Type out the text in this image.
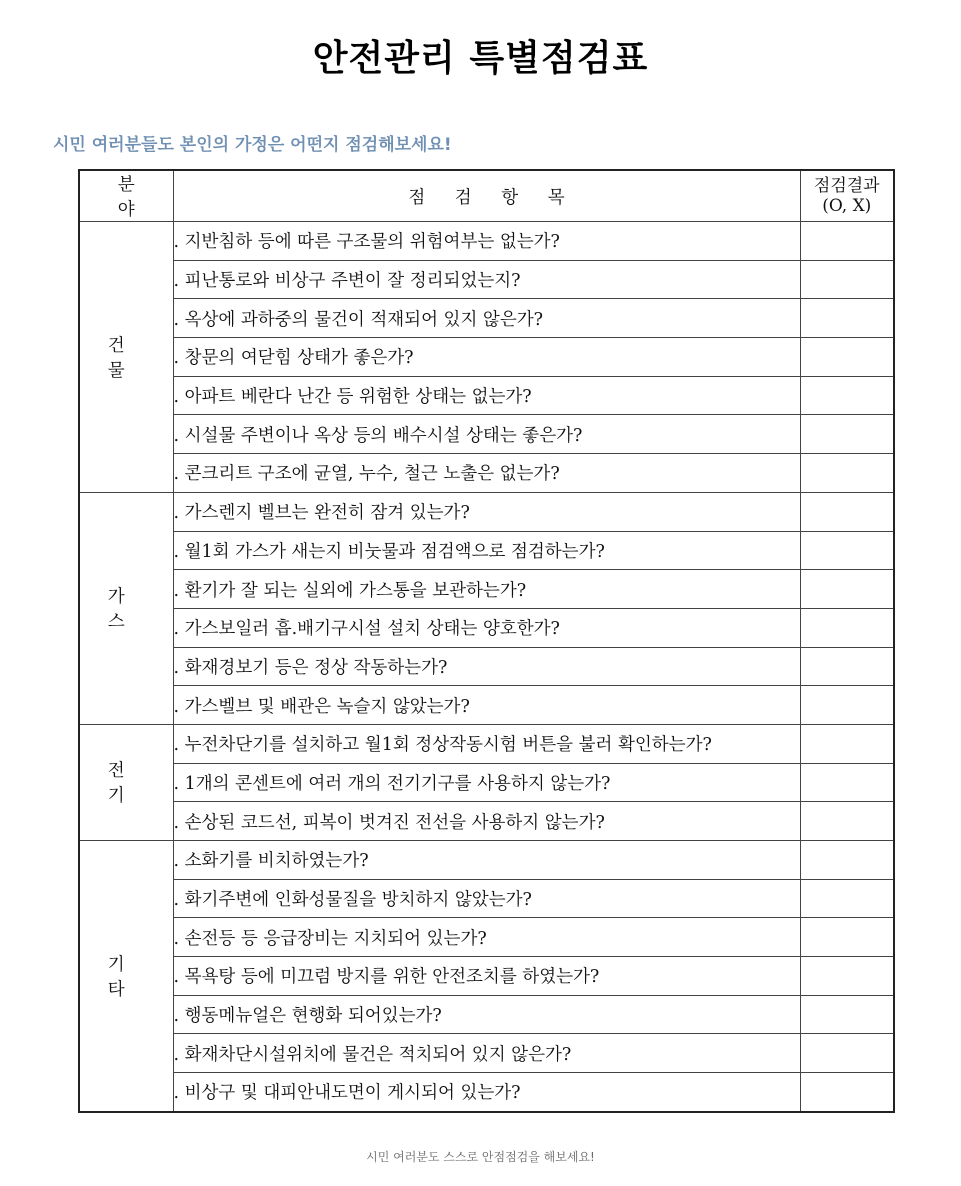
안전관리 특별점검표
시민 여러분들도 본인의 가정은 어떤지 점검해보세요!
분 야	점 검 항 목	점검결과
(O, X)
건 물	. 지반침하 등에 따른 구조물의 위험여부는 없는가?	
	. 피난통로와 비상구 주변이 잘 정리되었는지?	
	. 옥상에 과하중의 물건이 적재되어 있지 않은가?	
	. 창문의 여닫힘 상태가 좋은가?	
	. 아파트 베란다 난간 등 위험한 상태는 없는가?	
	. 시설물 주변이나 옥상 등의 배수시설 상태는 좋은가?	
	. 콘크리트 구조에 균열, 누수, 철근 노출은 없는가?	
가 스	. 가스렌지 벨브는 완전히 잠겨 있는가?	
	. 월1회 가스가 새는지 비눗물과 점검액으로 점검하는가?	
	. 환기가 잘 되는 실외에 가스통을 보관하는가?	
	. 가스보일러 흡.배기구시설 설치 상태는 양호한가?	
	. 화재경보기 등은 정상 작동하는가?	
	. 가스벨브 및 배관은 녹슬지 않았는가?	
전 기	. 누전차단기를 설치하고 월1회 정상작동시험 버튼을 불러 확인하는가?	
	. 1개의 콘센트에 여러 개의 전기기구를 사용하지 않는가?	
	. 손상된 코드선, 피복이 벗겨진 전선을 사용하지 않는가?	
기 타	. 소화기를 비치하였는가?	
	. 화기주변에 인화성물질을 방치하지 않았는가?	
	. 손전등 등 응급장비는 지치되어 있는가?	
	. 목욕탕 등에 미끄럼 방지를 위한 안전조치를 하였는가?	
	. 행동메뉴얼은 현행화 되어있는가?	
	. 화재차단시설위치에 물건은 적치되어 있지 않은가?	
	. 비상구 및 대피안내도면이 게시되어 있는가?	
시민 여러분도 스스로 안점점검을 해보세요!
